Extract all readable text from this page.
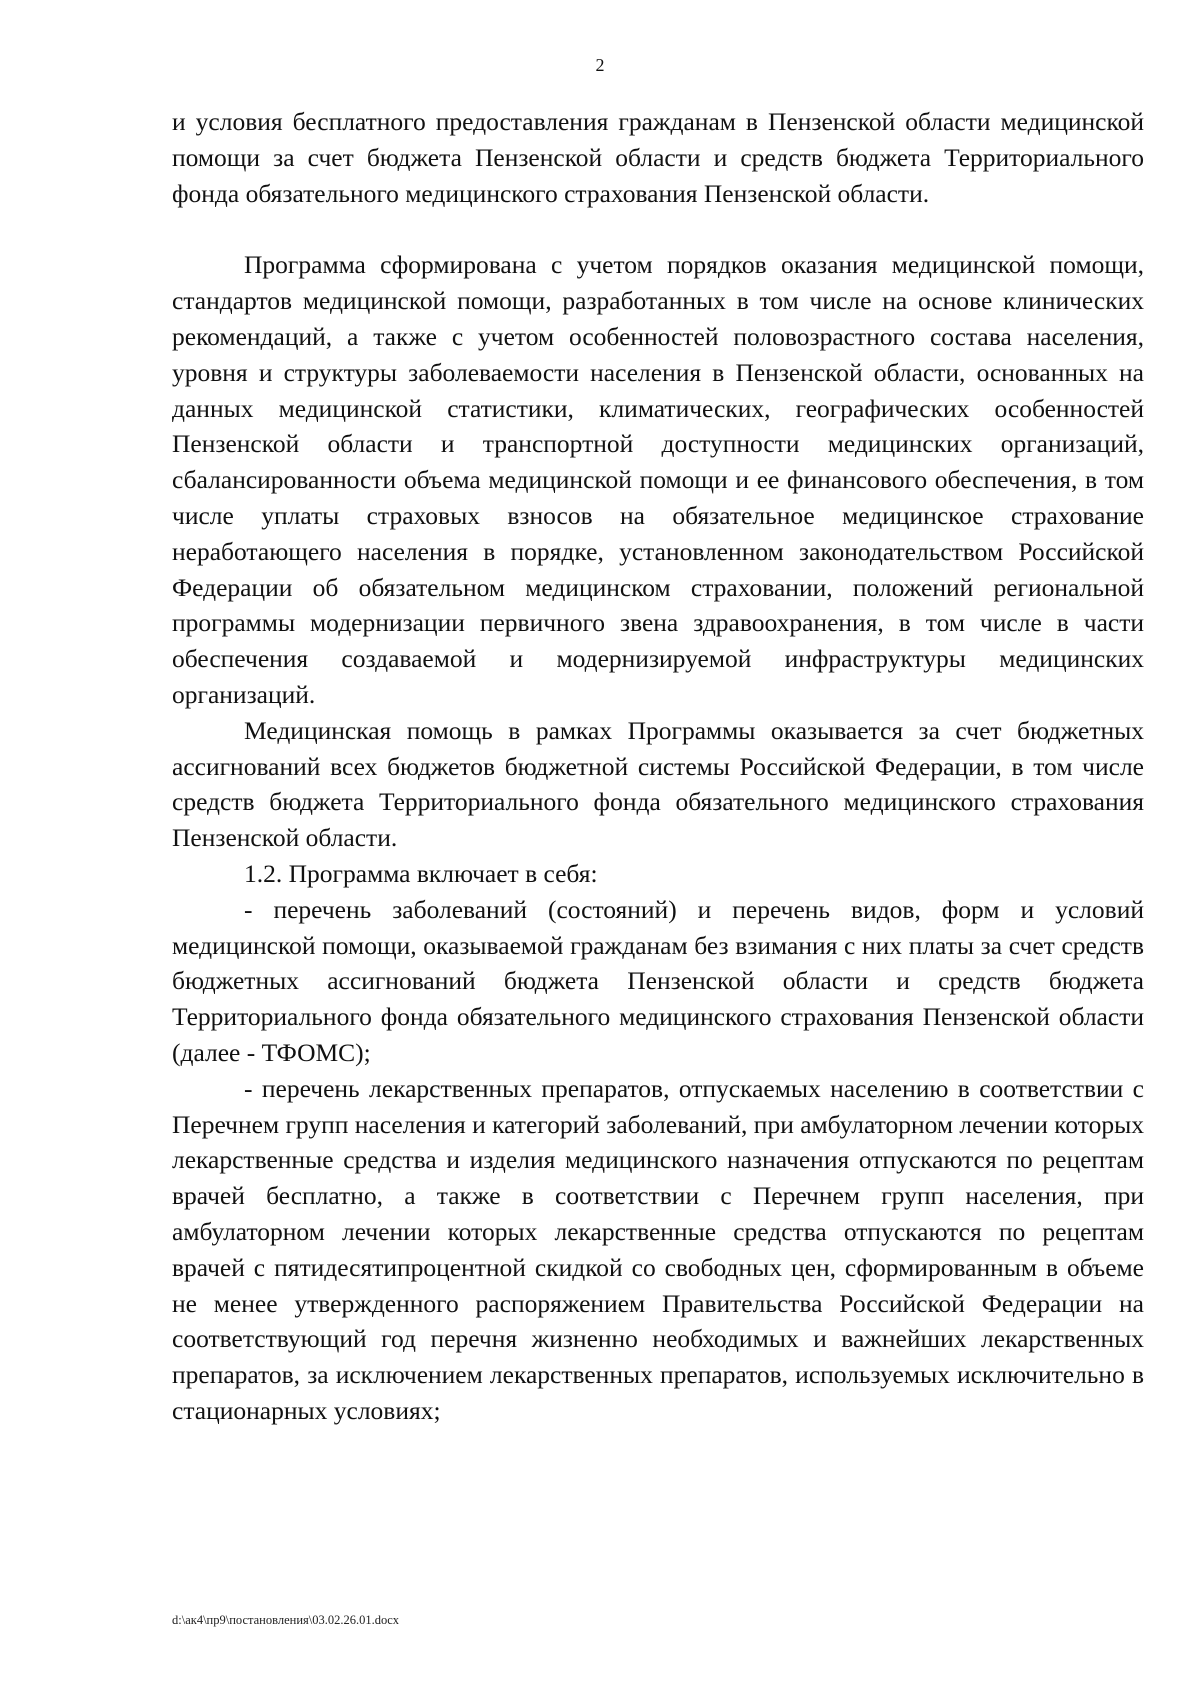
2

и условия бесплатного предоставления гражданам в Пензенской области медицинской помощи за счет бюджета Пензенской области и средств бюджета Территориального фонда обязательного медицинского страхования Пензенской области.

Программа сформирована с учетом порядков оказания медицинской помощи, стандартов медицинской помощи, разработанных в том числе на основе клинических рекомендаций, а также с учетом особенностей половозрастного состава населения, уровня и структуры заболеваемости населения в Пензенской области, основанных на данных медицинской статистики, климатических, географических особенностей Пензенской области и транспортной доступности медицинских организаций, сбалансированности объема медицинской помощи и ее финансового обеспечения, в том числе уплаты страховых взносов на обязательное медицинское страхование неработающего населения в порядке, установленном законодательством Российской Федерации об обязательном медицинском страховании, положений региональной программы модернизации первичного звена здравоохранения, в том числе в части обеспечения создаваемой и модернизируемой инфраструктуры медицинских организаций.

Медицинская помощь в рамках Программы оказывается за счет бюджетных ассигнований всех бюджетов бюджетной системы Российской Федерации, в том числе средств бюджета Территориального фонда обязательного медицинского страхования Пензенской области.

1.2. Программа включает в себя:

- перечень заболеваний (состояний) и перечень видов, форм и условий медицинской помощи, оказываемой гражданам без взимания с них платы за счет средств бюджетных ассигнований бюджета Пензенской области и средств бюджета Территориального фонда обязательного медицинского страхования Пензенской области (далее - ТФОМС);

- перечень лекарственных препаратов, отпускаемых населению в соответствии с Перечнем групп населения и категорий заболеваний, при амбулаторном лечении которых лекарственные средства и изделия медицинского назначения отпускаются по рецептам врачей бесплатно, а также в соответствии с Перечнем групп населения, при амбулаторном лечении которых лекарственные средства отпускаются по рецептам врачей с пятидесятипроцентной скидкой со свободных цен, сформированным в объеме не менее утвержденного распоряжением Правительства Российской Федерации на соответствующий год перечня жизненно необходимых и важнейших лекарственных препаратов, за исключением лекарственных препаратов, используемых исключительно в стационарных условиях;

d:\ак4\пр9\постановления\03.02.26.01.docx
